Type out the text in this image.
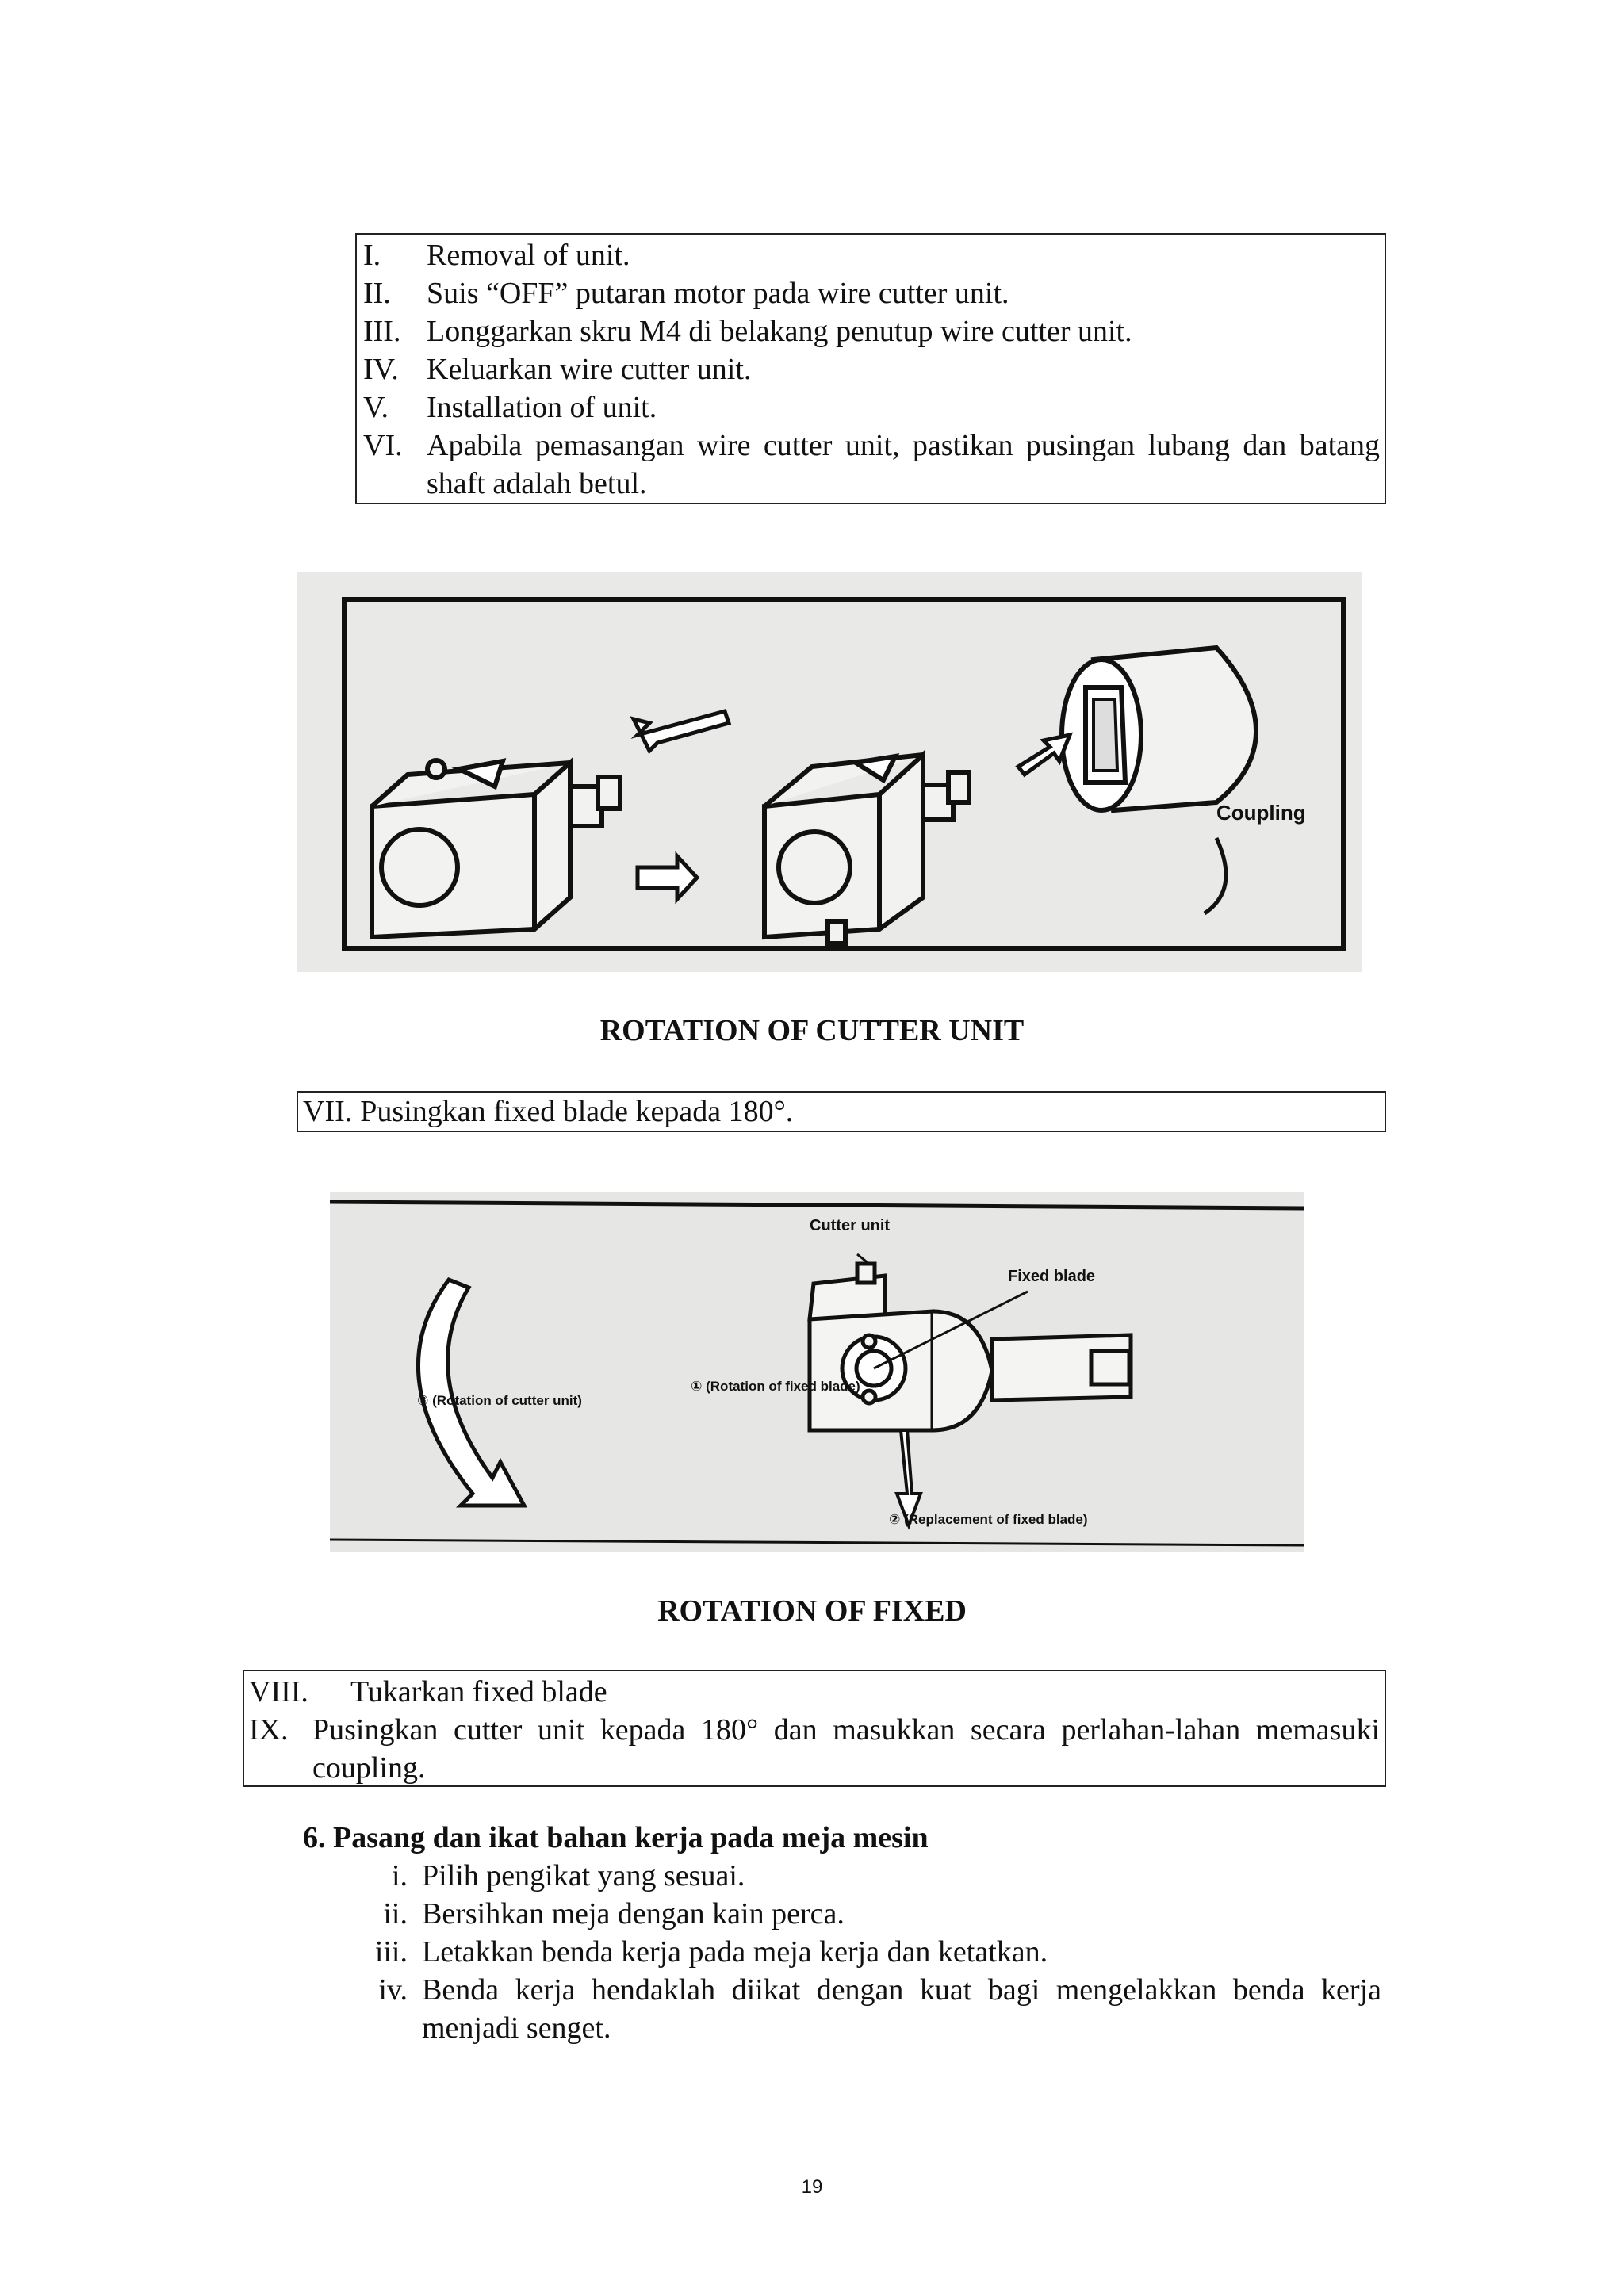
I.	Removal of unit.
II.	Suis “OFF” putaran motor pada wire cutter unit.
III. Longgarkan skru M4 di belakang penutup wire cutter unit.
IV. Keluarkan wire cutter unit.
V.	Installation of unit.
VI. Apabila pemasangan wire cutter unit, pastikan pusingan lubang dan batang shaft adalah betul.
Coupling
ROTATION OF CUTTER UNIT
VII. Pusingkan fixed blade kepada 180°.
Cutter unit
Fixed blade
③ (Rotation of cutter unit)
① (Rotation of fixed blade)
② (Replacement of fixed blade)
ROTATION OF FIXED
VIII.	Tukarkan fixed blade
IX. Pusingkan cutter unit kepada 180° dan masukkan secara perlahan-lahan memasuki coupling.
6. Pasang dan ikat bahan kerja pada meja mesin
i. Pilih pengikat yang sesuai.
ii. Bersihkan meja dengan kain perca.
iii. Letakkan benda kerja pada meja kerja dan ketatkan.
iv. Benda kerja hendaklah diikat dengan kuat bagi mengelakkan benda kerja menjadi senget.
19
